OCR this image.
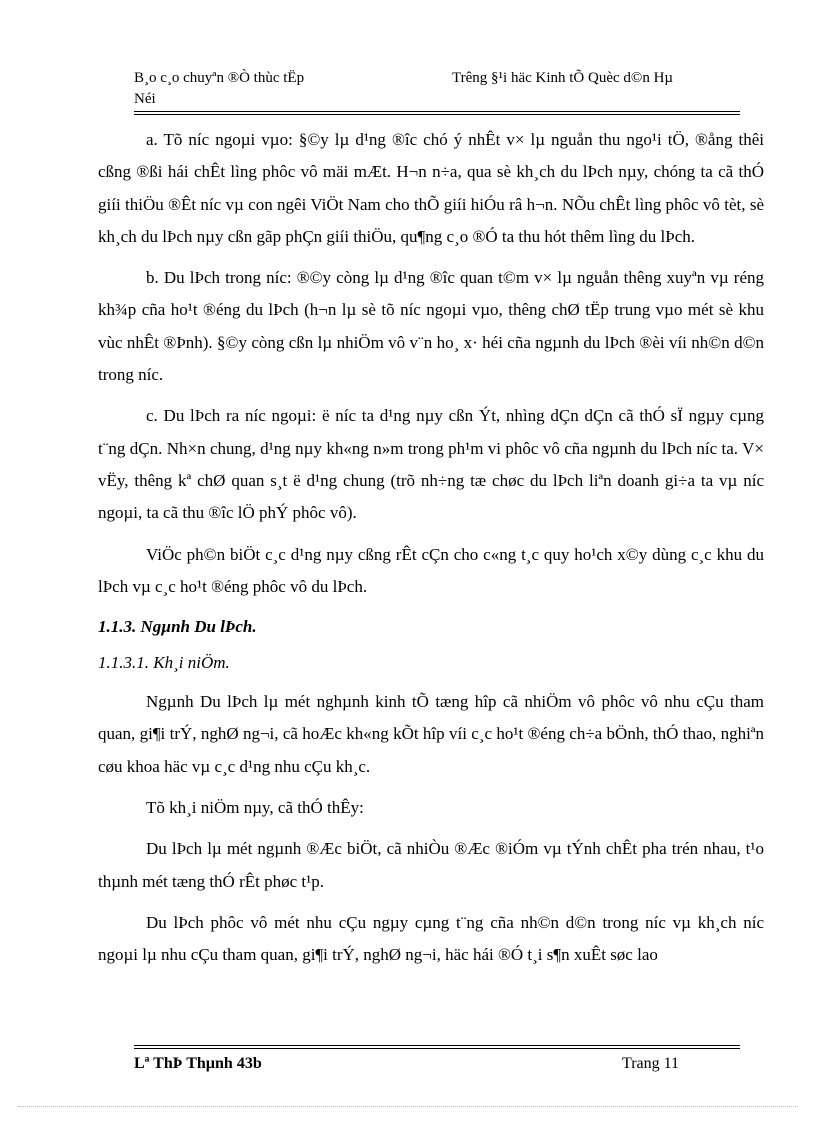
B¸o c¸o chuyªn ®Ò thùc tËp
Néi
Trêng §¹i häc Kinh tÕ Quèc d©n Hµ

a. Tõ níc ngoµi vµo: §©y lµ d¹ng ®îc chó ý nhÊt v× lµ nguån thu ngo¹i tÖ, ®ång thêi cßng ®ßi hái chÊt lìng phôc vô mäi mÆt. H¬n n÷a, qua sè kh¸ch du lÞch nµy, chóng ta cã thÓ giíi thiÖu ®Êt níc vµ con ngêi ViÖt Nam cho thÕ giíi hiÓu râ h¬n. NÕu chÊt lìng phôc vô tèt, sè kh¸ch du lÞch nµy cßn gãp phÇn giíi thiÖu, qu¶ng c¸o ®Ó ta thu hót thêm lìng du lÞch.

b. Du lÞch trong níc: ®©y còng lµ d¹ng ®îc quan t©m v× lµ nguån thêng xuyªn vµ réng kh¾p cña ho¹t ®éng du lÞch (h¬n lµ sè tõ níc ngoµi vµo, thêng chØ tËp trung vµo mét sè khu vùc nhÊt ®Þnh). §©y còng cßn lµ nhiÖm vô v¨n ho¸ x· héi cña ngµnh du lÞch ®èi víi nh©n d©n trong níc.

c. Du lÞch ra níc ngoµi: ë níc ta d¹ng nµy cßn Ýt, nhìng dÇn dÇn cã thÓ sÏ ngµy cµng t¨ng dÇn. Nh×n chung, d¹ng nµy kh«ng n»m trong ph¹m vi phôc vô cña ngµnh du lÞch níc ta. V× vËy, thêng kª chØ quan s¸t ë d¹ng chung (trõ nh÷ng tæ chøc du lÞch liªn doanh gi÷a ta vµ níc ngoµi, ta cã thu ®îc lÖ phÝ phôc vô).

ViÖc ph©n biÖt c¸c d¹ng nµy cßng rÊt cÇn cho c«ng t¸c quy ho¹ch x©y dùng c¸c khu du lÞch vµ c¸c ho¹t ®éng phôc vô du lÞch.

1.1.3. Ngµnh Du lÞch.
1.1.3.1. Kh¸i niÖm.

Ngµnh Du lÞch lµ mét nghµnh kinh tÕ tæng hîp cã nhiÖm vô phôc vô nhu cÇu tham quan, gi¶i trÝ, nghØ ng¬i, cã hoÆc kh«ng kÕt hîp víi c¸c ho¹t ®éng ch÷a bÖnh, thÓ thao, nghiªn cøu khoa häc vµ c¸c d¹ng nhu cÇu kh¸c.

Tõ kh¸i niÖm nµy, cã thÓ thÊy:

Du lÞch lµ mét ngµnh ®Æc biÖt, cã nhiÒu ®Æc ®iÓm vµ tÝnh chÊt pha trén nhau, t¹o thµnh mét tæng thÓ rÊt phøc t¹p.

Du lÞch phôc vô mét nhu cÇu ngµy cµng t¨ng cña nh©n d©n trong níc vµ kh¸ch níc ngoµi lµ nhu cÇu tham quan, gi¶i trÝ, nghØ ng¬i, häc hái ®Ó t¸i s¶n xuÊt søc lao

Lª ThÞ Thµnh 43b	Trang 11
